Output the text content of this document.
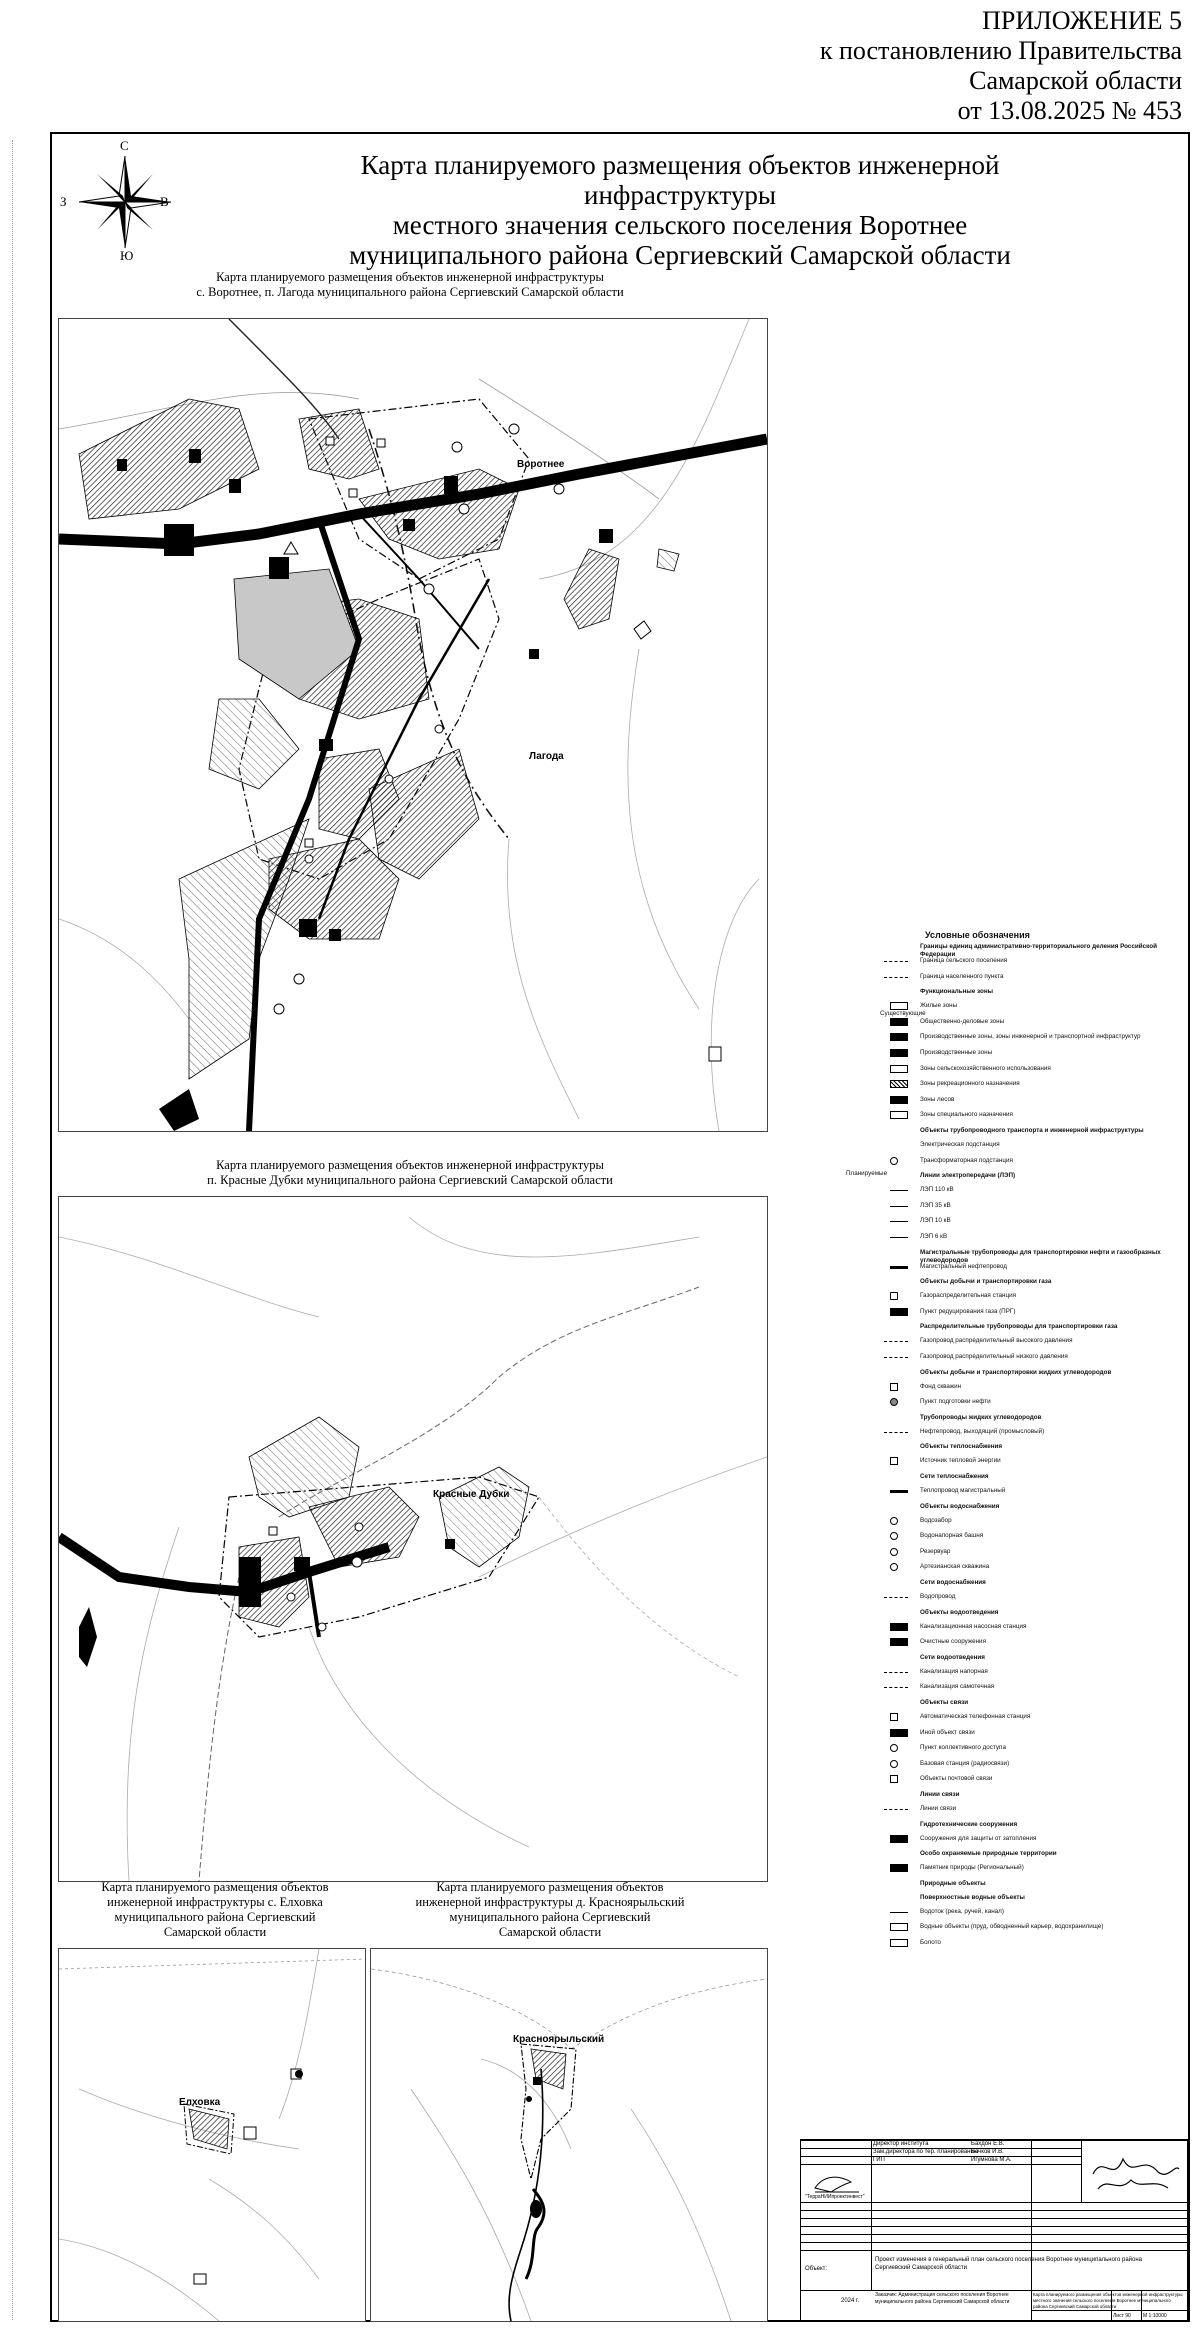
ПРИЛОЖЕНИЕ 5
к постановлению Правительства
Самарской области
от 13.08.2025 № 453
С
Ю
З	В
Карта планируемого размещения объектов инженерной инфраструктуры
местного значения сельского поселения Воротнее
муниципального района Сергиевский Самарской области
Карта планируемого размещения объектов инженерной инфраструктуры
с. Воротнее, п. Лагода муниципального района Сергиевский Самарской области
Воротнее
Лагода
Карта планируемого размещения объектов инженерной инфраструктуры
п. Красные Дубки муниципального района Сергиевский Самарской области
Красные Дубки
Карта планируемого размещения объектов
инженерной инфраструктуры с. Елховка
муниципального района Сергиевский
Самарской области
Елховка
Карта планируемого размещения объектов
инженерной инфраструктуры д. Красноярыльский
муниципального района Сергиевский
Самарской области
Красноярыльский
Условные обозначения
Границы единиц административно-территориального деления Российской Федерации
Граница сельского поселения
Граница населенного пункта
Функциональные зоны
Жилые зоны
Общественно-деловые зоны
Производственные зоны, зоны инженерной и транспортной инфраструктур
Производственные зоны
Зоны сельскохозяйственного использования
Зоны рекреационного назначения
Зоны лесов
Зоны специального назначения
Объекты трубопроводного транспорта и инженерной инфраструктуры
Электрическая подстанция
Трансформаторная подстанция
Линии электропередачи (ЛЭП)
ЛЭП 110 кВ
ЛЭП 35 кВ
ЛЭП 10 кВ
ЛЭП 6 кВ
Магистральные трубопроводы для транспортировки нефти и газообразных углеводородов
Магистральный нефтепровод
Объекты добычи и транспортировки газа
Газораспределительная станция
Пункт редуцирования газа (ПРГ)
Распределительные трубопроводы для транспортировки газа
Газопровод распределительный высокого давления
Газопровод распределительный низкого давления
Объекты добычи и транспортировки жидких углеводородов
Фонд скважин
Пункт подготовки нефти
Трубопроводы жидких углеводородов
Нефтепровод, выходящий (промысловый)
Объекты теплоснабжения
Источник тепловой энергии
Сети теплоснабжения
Теплопровод магистральный
Объекты водоснабжения
Водозабор
Водонапорная башня
Резервуар
Артезианская скважина
Сети водоснабжения
Водопровод
Объекты водоотведения
Канализационная насосная станция
Очистные сооружения
Сети водоотведения
Канализация напорная
Канализация самотечная
Объекты связи
Автоматическая телефонная станция
Иной объект связи
Пункт коллективного доступа
Базовая станция (радиосвязи)
Объекты почтовой связи
Линии связи
Линии связи
Гидротехнические сооружения
Сооружения для защиты от затопления
Особо охраняемые природные территории
Памятник природы (Региональный)
Природные объекты
Поверхностные водные объекты
Водоток (река, ручей, канал)
Водные объекты (пруд, обводненный карьер, водохранилище)
Болото
Существующие
Планируемые
Директор института
Зам.директора по тер. планированию
ГИП
Бахдон Е.В.
Бачков И.В.
Игумнова М.А.
"ТерраНИИпроектинвест"
Объект:
Проект изменения в генеральный план сельского поселения Воротнее муниципального района Сергиевский Самарской области
2024 г.
Заказчик: Администрация сельского поселения Воротнее муниципального района Сергиевский Самарской области
Карта планируемого размещения объектов инженерной инфраструктуры местного значения сельского поселения Воротнее муниципального района Сергиевский Самарской области
Лист 90 М 1:10000
